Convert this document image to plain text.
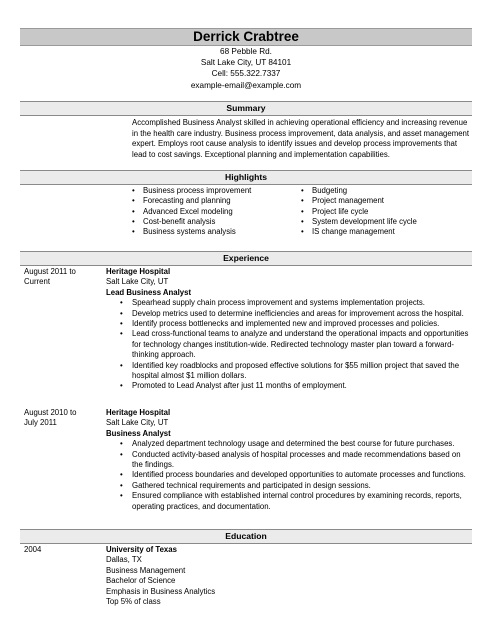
Derrick Crabtree
68 Pebble Rd.
Salt Lake City, UT 84101
Cell: 555.322.7337
example-email@example.com
Summary
Accomplished Business Analyst skilled in achieving operational efficiency and increasing revenue in the health care industry. Business process improvement, data analysis, and asset management expert. Employs root cause analysis to identify issues and develop process improvements that lead to cost savings. Exceptional planning and implementation capabilities.
Highlights
• Business process improvement
• Forecasting and planning
• Advanced Excel modeling
• Cost-benefit analysis
• Business systems analysis
• Budgeting
• Project management
• Project life cycle
• System development life cycle
• IS change management
Experience
August 2011 to
Current
Heritage Hospital
Salt Lake City, UT
Lead Business Analyst
• Spearhead supply chain process improvement and systems implementation projects.
• Develop metrics used to determine inefficiencies and areas for improvement across the hospital.
• Identify process bottlenecks and implemented new and improved processes and policies.
• Lead cross-functional teams to analyze and understand the operational impacts and opportunities for technology changes institution-wide. Redirected technology master plan toward a forward-thinking approach.
• Identified key roadblocks and proposed effective solutions for $55 million project that saved the hospital almost $1 million dollars.
• Promoted to Lead Analyst after just 11 months of employment.
August 2010 to
July 2011
Heritage Hospital
Salt Lake City, UT
Business Analyst
• Analyzed department technology usage and determined the best course for future purchases.
• Conducted activity-based analysis of hospital processes and made recommendations based on the findings.
• Identified process boundaries and developed opportunities to automate processes and functions.
• Gathered technical requirements and participated in design sessions.
• Ensured compliance with established internal control procedures by examining records, reports, operating practices, and documentation.
Education
2004	University of Texas
Dallas, TX
Business Management
Bachelor of Science
Emphasis in Business Analytics
Top 5% of class
